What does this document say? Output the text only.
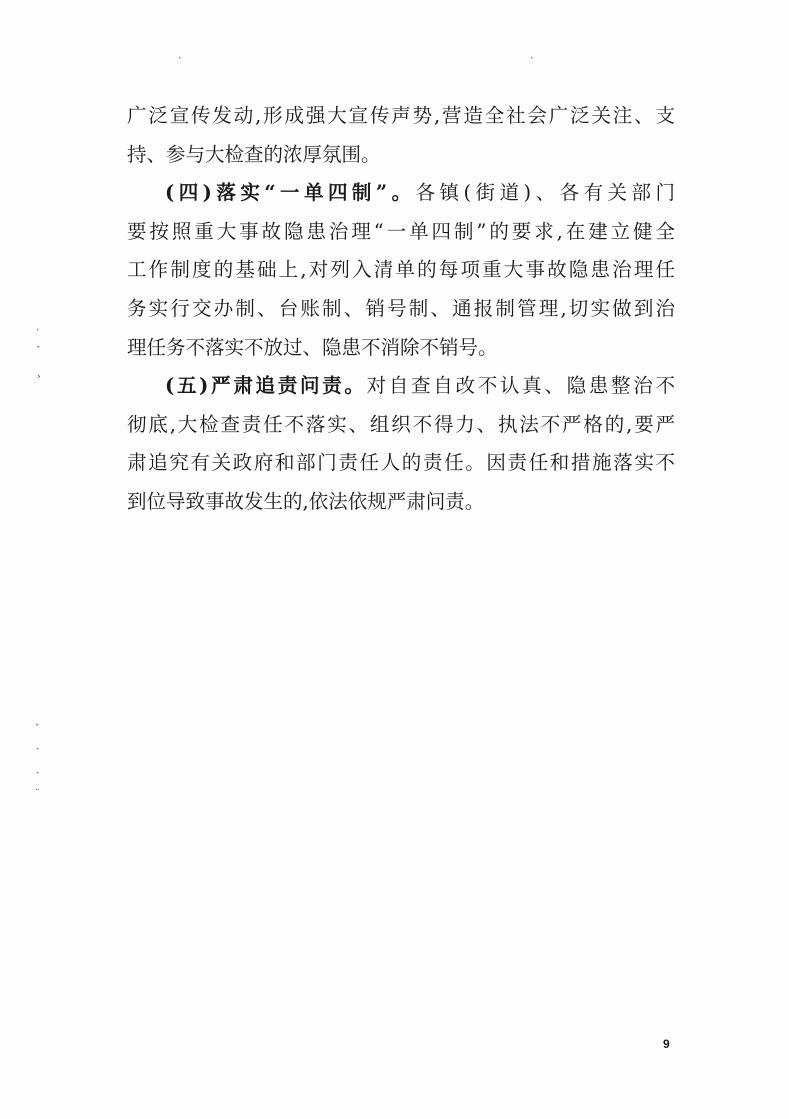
ˋ	ˋ
ˊ
ˇ
›
ˇ
-
-
¨
广泛宣传发动,形成强大宣传声势,营造全社会广泛关注、支
持、参与大检查的浓厚氛围。
(四)落实“一单四制”。各镇(街道)、各有关部门
要按照重大事故隐患治理“一单四制”的要求,在建立健全
工作制度的基础上,对列入清单的每项重大事故隐患治理任
务实行交办制、台账制、销号制、通报制管理,切实做到治
理任务不落实不放过、隐患不消除不销号。
(五)严肃追责问责。对自查自改不认真、隐患整治不
彻底,大检查责任不落实、组织不得力、执法不严格的,要严
肃追究有关政府和部门责任人的责任。因责任和措施落实不
到位导致事故发生的,依法依规严肃问责。
9
